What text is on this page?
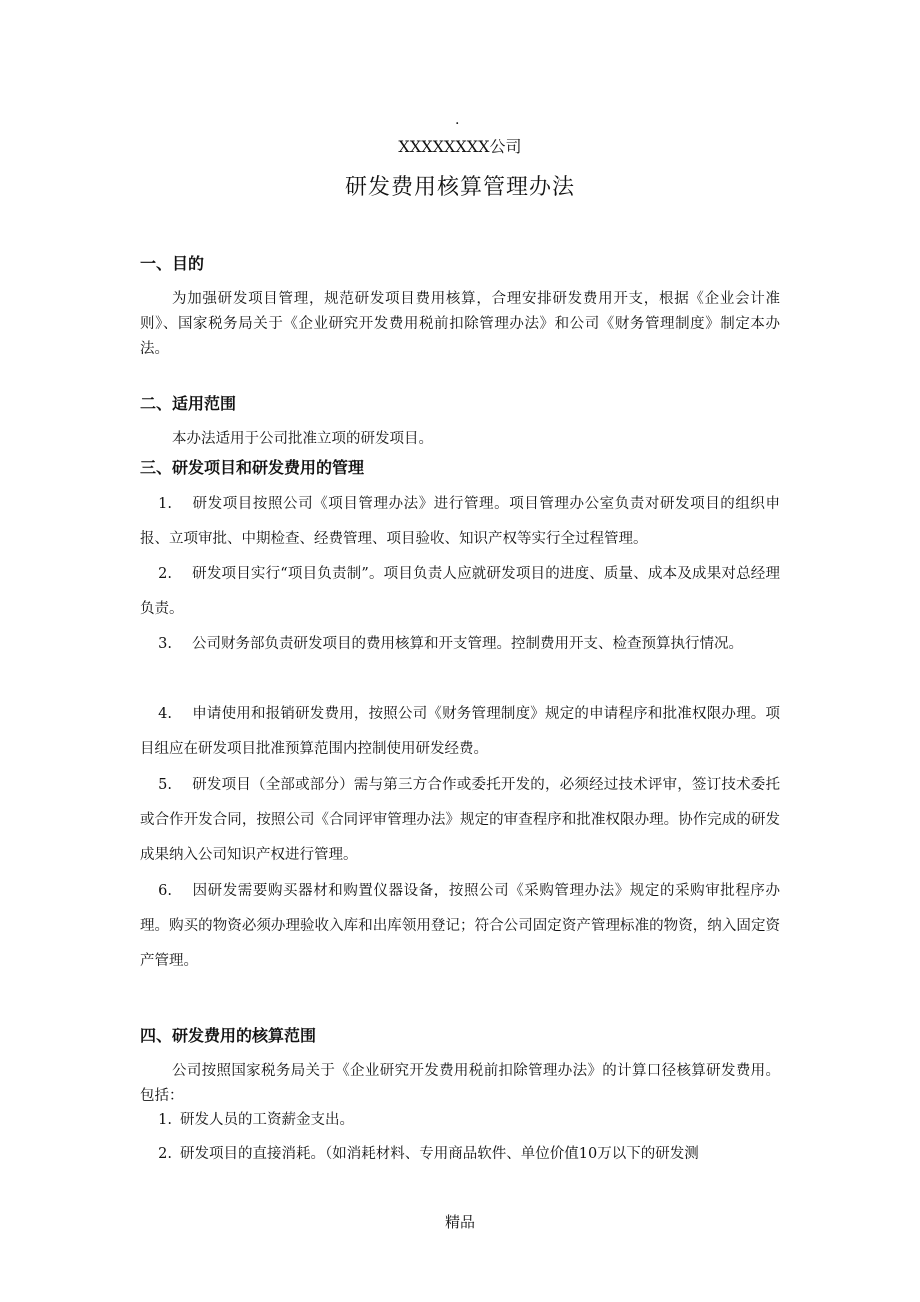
.
XXXXXXXX公司
研发费用核算管理办法
一、目的
为加强研发项目管理，规范研发项目费用核算，合理安排研发费用开支，根据《企业会计准则》、国家税务局关于《企业研究开发费用税前扣除管理办法》和公司《财务管理制度》制定本办法。
二、适用范围
本办法适用于公司批准立项的研发项目。
三、研发项目和研发费用的管理
1. 研发项目按照公司《项目管理办法》进行管理。项目管理办公室负责对研发项目的组织申报、立项审批、中期检查、经费管理、项目验收、知识产权等实行全过程管理。
2. 研发项目实行“项目负责制”。项目负责人应就研发项目的进度、质量、成本及成果对总经理负责。
3. 公司财务部负责研发项目的费用核算和开支管理。控制费用开支、检查预算执行情况。
4. 申请使用和报销研发费用，按照公司《财务管理制度》规定的申请程序和批准权限办理。项目组应在研发项目批准预算范围内控制使用研发经费。
5. 研发项目（全部或部分）需与第三方合作或委托开发的，必须经过技术评审，签订技术委托或合作开发合同，按照公司《合同评审管理办法》规定的审查程序和批准权限办理。协作完成的研发成果纳入公司知识产权进行管理。
6. 因研发需要购买器材和购置仪器设备，按照公司《采购管理办法》规定的采购审批程序办理。购买的物资必须办理验收入库和出库领用登记；符合公司固定资产管理标准的物资，纳入固定资产管理。
四、研发费用的核算范围
公司按照国家税务局关于《企业研究开发费用税前扣除管理办法》的计算口径核算研发费用。包括：
1. 研发人员的工资薪金支出。
2. 研发项目的直接消耗。（如消耗材料、专用商品软件、单位价值10万以下的研发测
精品
